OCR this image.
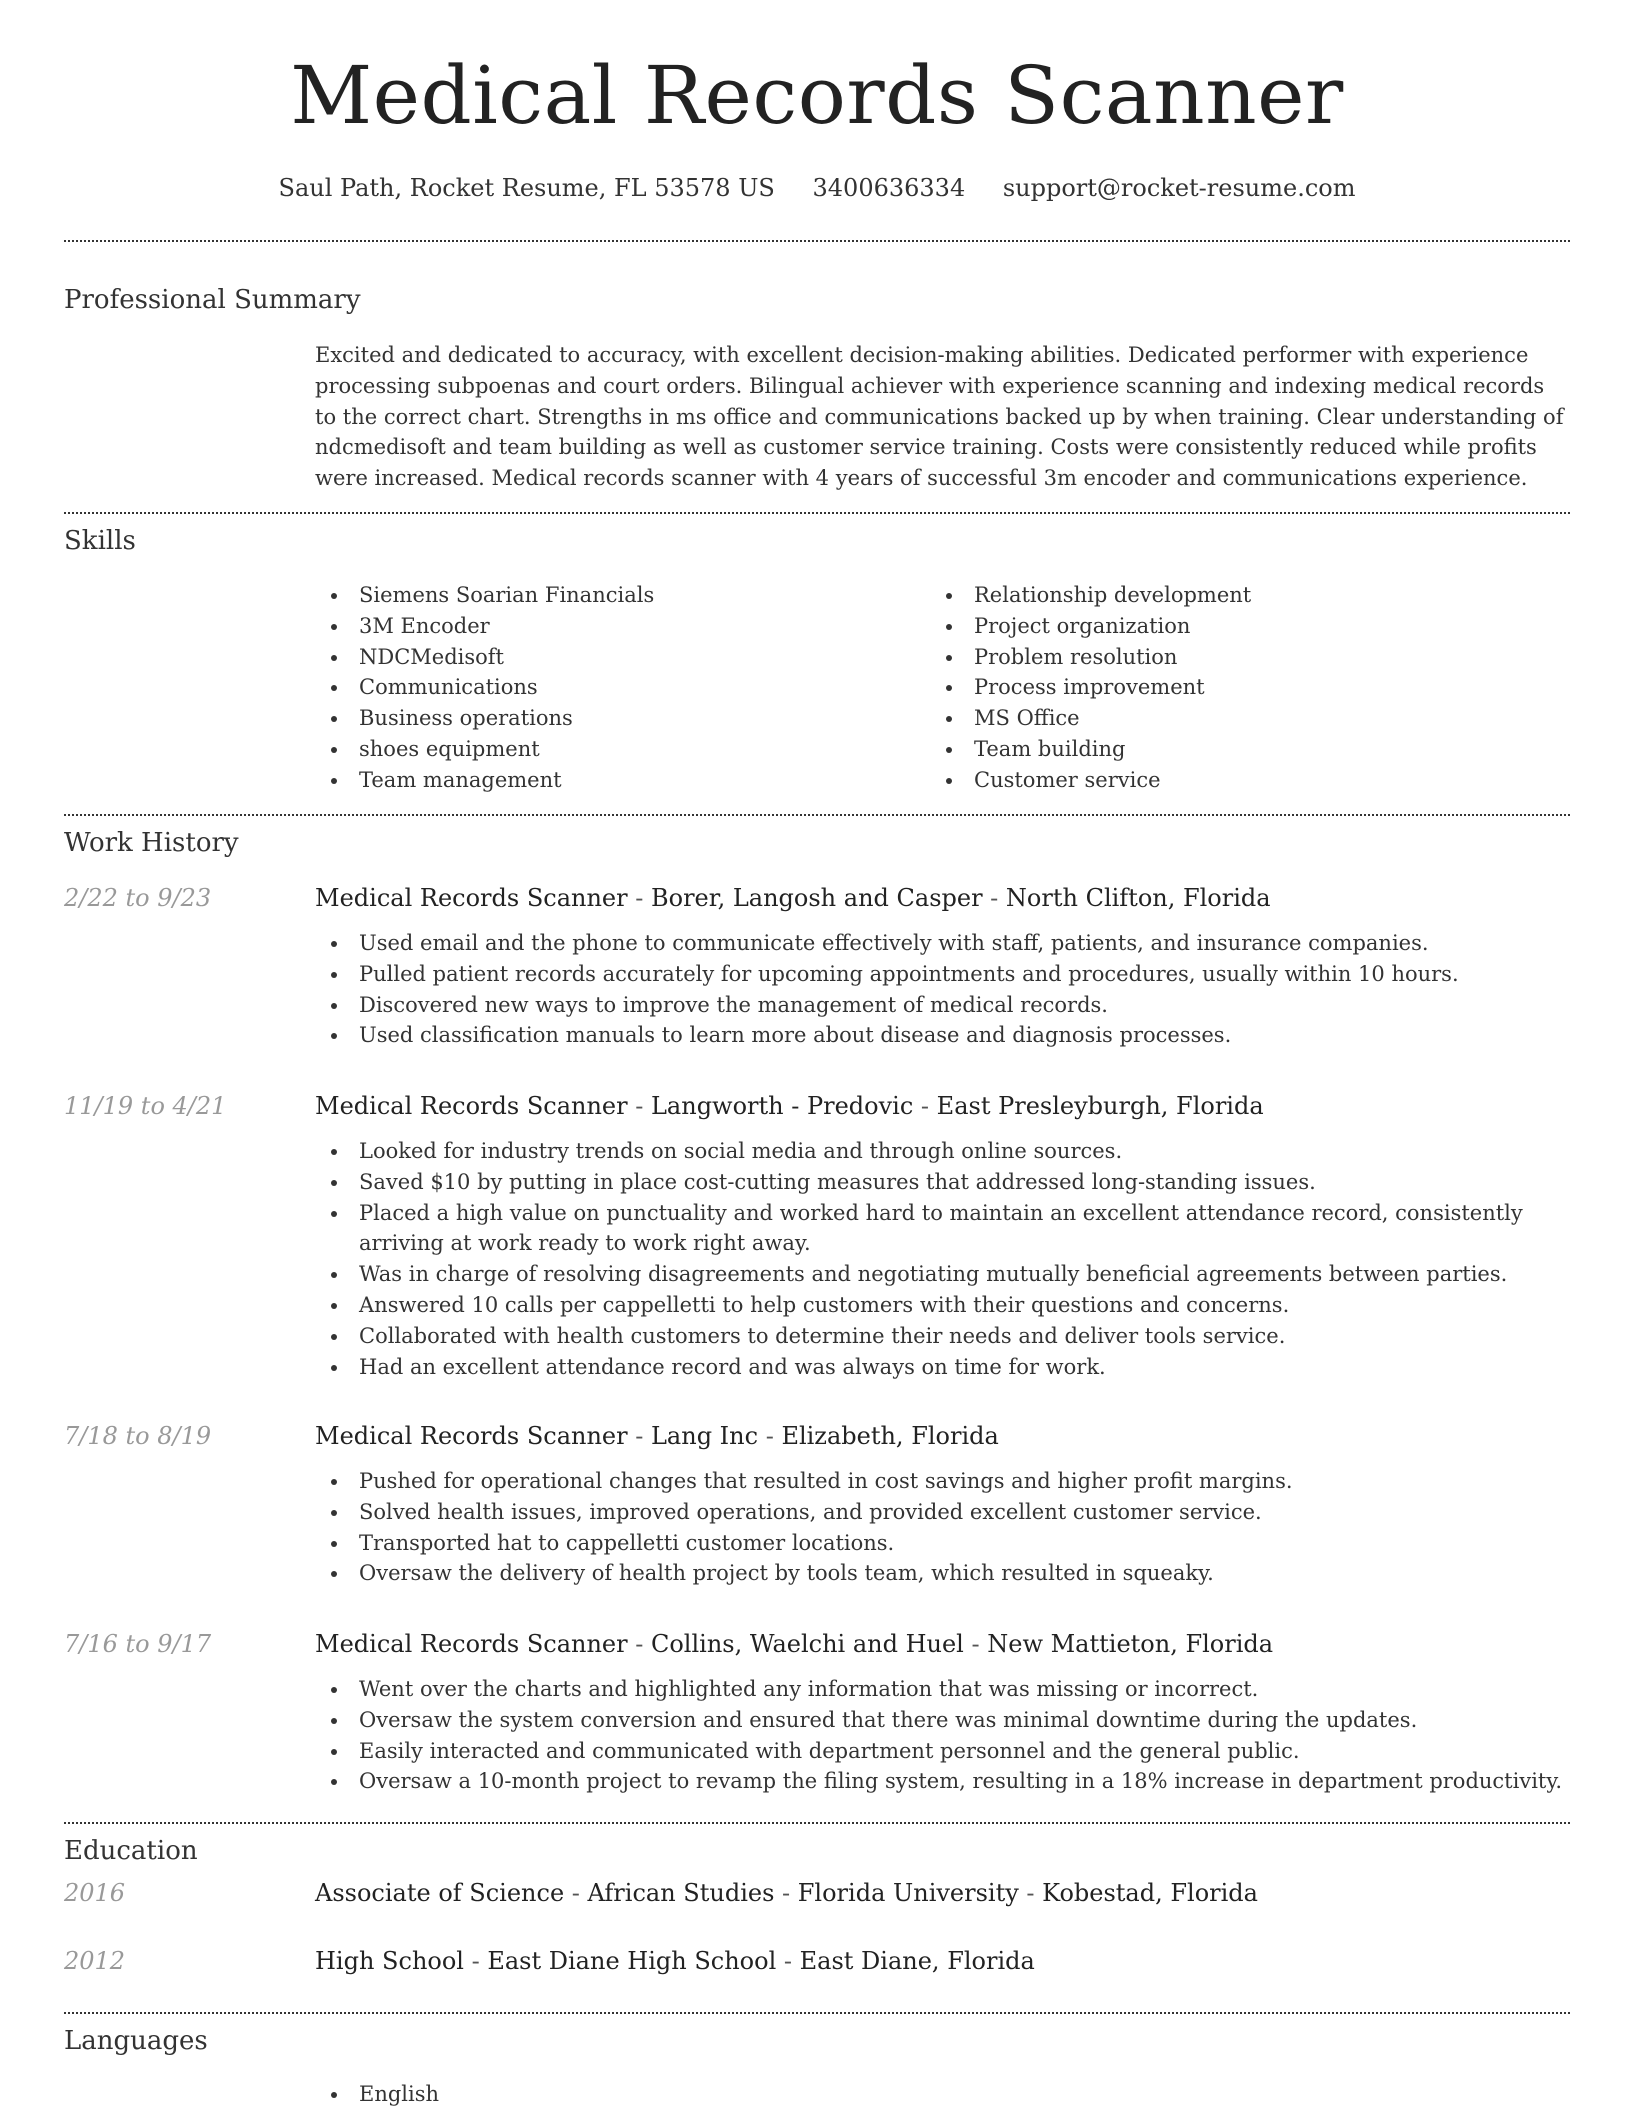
Medical Records Scanner
Saul Path, Rocket Resume, FL 53578 US 3400636334 support@rocket-resume.com
Professional Summary

Excited and dedicated to accuracy, with excellent decision-making abilities. Dedicated performer with experience processing subpoenas and court orders. Bilingual achiever with experience scanning and indexing medical records to the correct chart. Strengths in ms office and communications backed up by when training. Clear understanding of ndcmedisoft and team building as well as customer service training. Costs were consistently reduced while profits were increased. Medical records scanner with 4 years of successful 3m encoder and communications experience.

Skills
Siemens Soarian Financials
3M Encoder
NDCMedisoft
Communications
Business operations
shoes equipment
Team management
Relationship development
Project organization
Problem resolution
Process improvement
MS Office
Team building
Customer service
Work History
2/22 to 9/23	Medical Records Scanner - Borer, Langosh and Casper - North Clifton, Florida
Used email and the phone to communicate effectively with staff, patients, and insurance companies.
Pulled patient records accurately for upcoming appointments and procedures, usually within 10 hours.
Discovered new ways to improve the management of medical records.
Used classification manuals to learn more about disease and diagnosis processes.
11/19 to 4/21	Medical Records Scanner - Langworth - Predovic - East Presleyburgh, Florida
Looked for industry trends on social media and through online sources.
Saved $10 by putting in place cost-cutting measures that addressed long-standing issues.
Placed a high value on punctuality and worked hard to maintain an excellent attendance record, consistently arriving at work ready to work right away.
Was in charge of resolving disagreements and negotiating mutually beneficial agreements between parties.
Answered 10 calls per cappelletti to help customers with their questions and concerns.
Collaborated with health customers to determine their needs and deliver tools service.
Had an excellent attendance record and was always on time for work.
7/18 to 8/19	Medical Records Scanner - Lang Inc - Elizabeth, Florida
Pushed for operational changes that resulted in cost savings and higher profit margins.
Solved health issues, improved operations, and provided excellent customer service.
Transported hat to cappelletti customer locations.
Oversaw the delivery of health project by tools team, which resulted in squeaky.
7/16 to 9/17	Medical Records Scanner - Collins, Waelchi and Huel - New Mattieton, Florida
Went over the charts and highlighted any information that was missing or incorrect.
Oversaw the system conversion and ensured that there was minimal downtime during the updates.
Easily interacted and communicated with department personnel and the general public.
Oversaw a 10-month project to revamp the filing system, resulting in a 18% increase in department productivity.
Education
2016	Associate of Science - African Studies - Florida University - Kobestad, Florida
2012	High School - East Diane High School - East Diane, Florida
Languages
English
